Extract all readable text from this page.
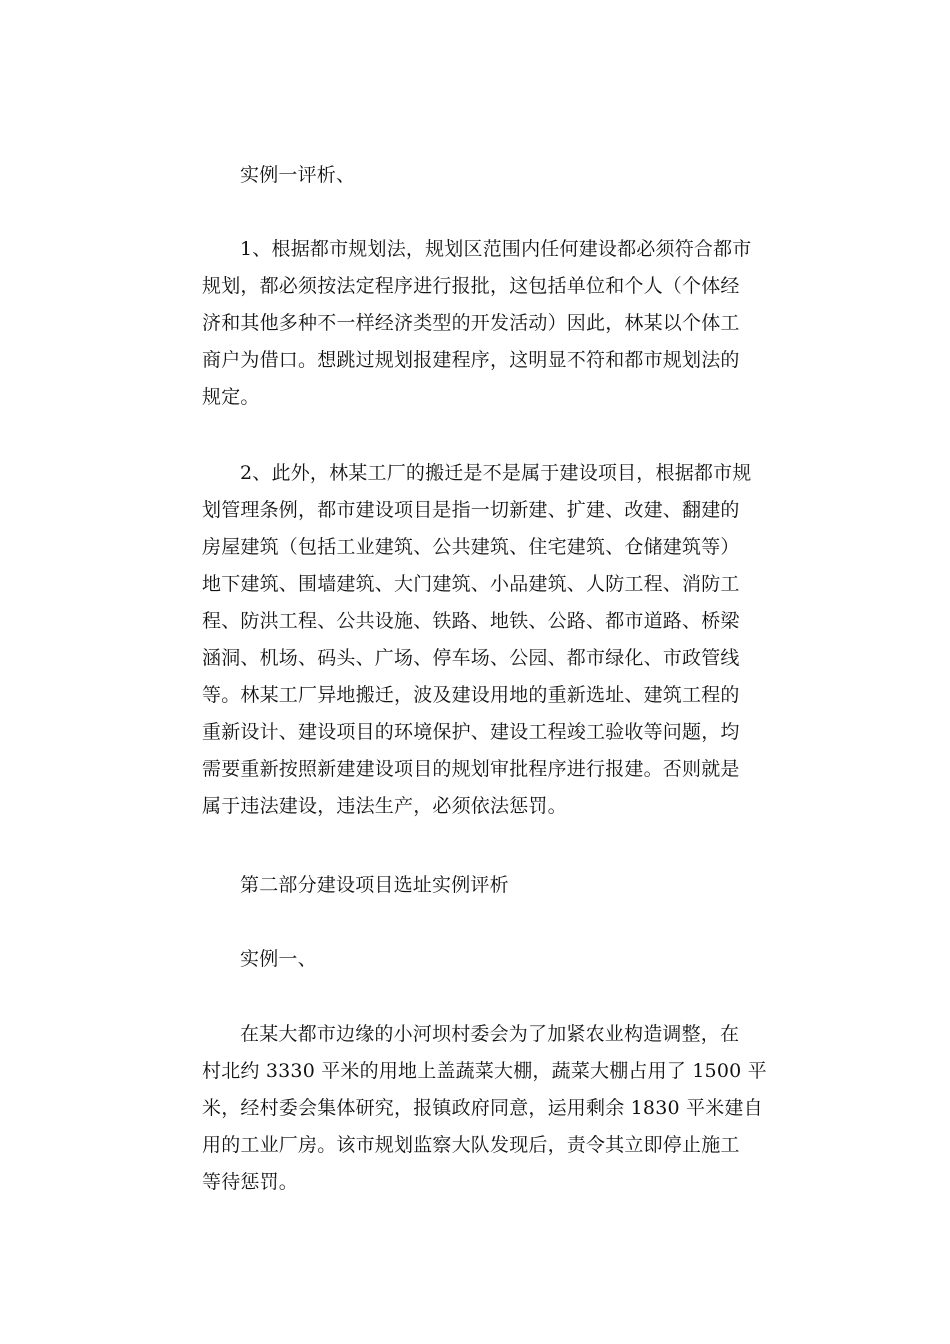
实例一评析、
1、根据都市规划法，规划区范围内任何建设都必须符合都市
规划，都必须按法定程序进行报批，这包括单位和个人（个体经
济和其他多种不一样经济类型的开发活动）因此，林某以个体工
商户为借口。想跳过规划报建程序，这明显不符和都市规划法的
规定。
2、此外，林某工厂的搬迁是不是属于建设项目，根据都市规
划管理条例，都市建设项目是指一切新建、扩建、改建、翻建的
房屋建筑（包括工业建筑、公共建筑、住宅建筑、仓储建筑等）
地下建筑、围墙建筑、大门建筑、小品建筑、人防工程、消防工
程、防洪工程、公共设施、铁路、地铁、公路、都市道路、桥梁
涵洞、机场、码头、广场、停车场、公园、都市绿化、市政管线
等。林某工厂异地搬迁，波及建设用地的重新选址、建筑工程的
重新设计、建设项目的环境保护、建设工程竣工验收等问题，均
需要重新按照新建建设项目的规划审批程序进行报建。否则就是
属于违法建设，违法生产，必须依法惩罚。
第二部分建设项目选址实例评析
实例一、
在某大都市边缘的小河坝村委会为了加紧农业构造调整，在
村北约 3330 平米的用地上盖蔬菜大棚，蔬菜大棚占用了 1500 平
米，经村委会集体研究，报镇政府同意，运用剩余 1830 平米建自
用的工业厂房。该市规划监察大队发现后，责令其立即停止施工
等待惩罚。
